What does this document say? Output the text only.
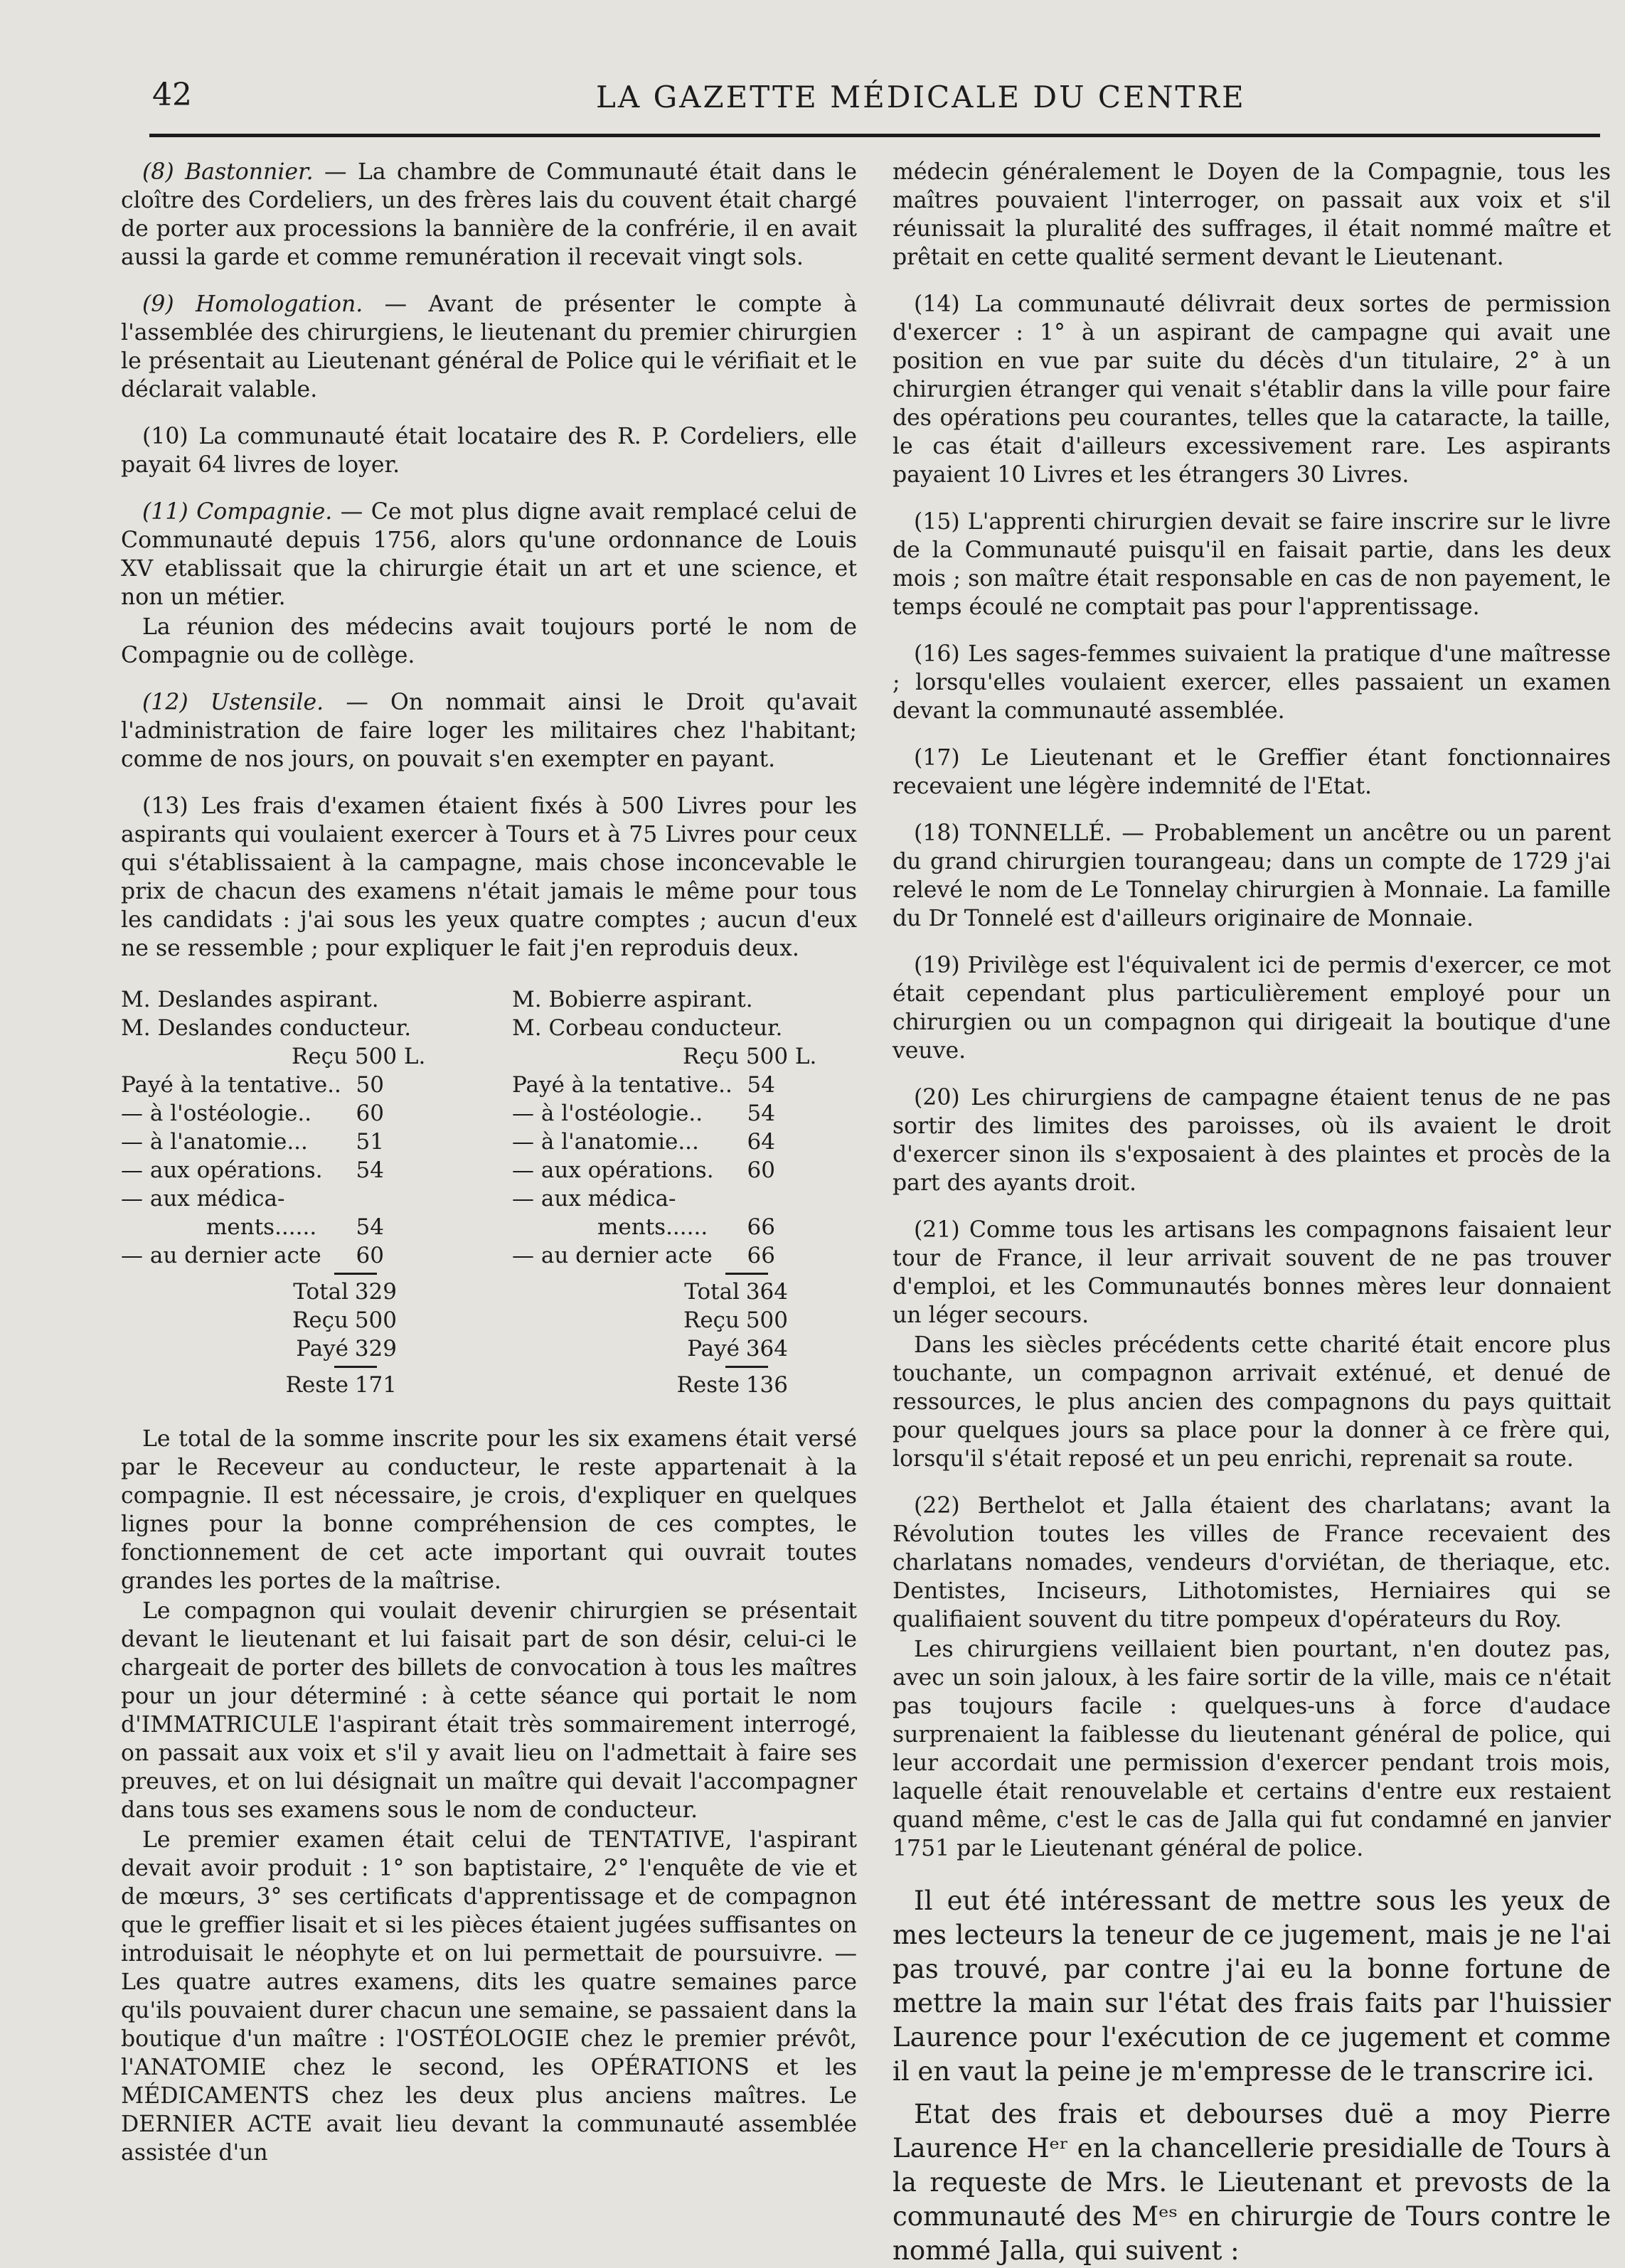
42	LA GAZETTE MÉDICALE DU CENTRE

(8) Bastonnier. — La chambre de Communauté était dans le cloître des Cordeliers, un des frères lais du couvent était chargé de porter aux processions la bannière de la confrérie, il en avait aussi la garde et comme remunération il recevait vingt sols.

(9) Homologation. — Avant de présenter le compte à l'assemblée des chirurgiens, le lieutenant du premier chirurgien le présentait au Lieutenant général de Police qui le vérifiait et le déclarait valable.

(10) La communauté était locataire des R. P. Cordeliers, elle payait 64 livres de loyer.

(11) Compagnie. — Ce mot plus digne avait remplacé celui de Communauté depuis 1756, alors qu'une ordonnance de Louis XV etablissait que la chirurgie était un art et une science, et non un métier.

La réunion des médecins avait toujours porté le nom de Compagnie ou de collège.

(12) Ustensile. — On nommait ainsi le Droit qu'avait l'administration de faire loger les militaires chez l'habitant; comme de nos jours, on pouvait s'en exempter en payant.

(13) Les frais d'examen étaient fixés à 500 Livres pour les aspirants qui voulaient exercer à Tours et à 75 Livres pour ceux qui s'établissaient à la campagne, mais chose inconcevable le prix de chacun des examens n'était jamais le même pour tous les candidats : j'ai sous les yeux quatre comptes ; aucun d'eux ne se ressemble ; pour expliquer le fait j'en reproduis deux.

M. Deslandes aspirant.
M. Deslandes conducteur.
Reçu 500 L.
Payé à la tentative.. 50
— à l'ostéologie..	60
— à l'anatomie...	51
— aux opérations.	54
— aux médica-
ments......	54
— au dernier acte	60
Total 329
Reçu 500
Payé 329
Reste 171
M. Bobierre aspirant.
M. Corbeau conducteur.
Reçu 500 L.
Payé à la tentative.. 54
— à l'ostéologie..	54
— à l'anatomie...	64
— aux opérations.	60
— aux médica-
ments......	66
— au dernier acte	66
Total 364
Reçu 500
Payé 364
Reste 136

Le total de la somme inscrite pour les six examens était versé par le Receveur au conducteur, le reste appartenait à la compagnie. Il est nécessaire, je crois, d'expliquer en quelques lignes pour la bonne compréhension de ces comptes, le fonctionnement de cet acte important qui ouvrait toutes grandes les portes de la maîtrise.

Le compagnon qui voulait devenir chirurgien se présentait devant le lieutenant et lui faisait part de son désir, celui-ci le chargeait de porter des billets de convocation à tous les maîtres pour un jour déterminé : à cette séance qui portait le nom d'IMMATRICULE l'aspirant était très sommairement interrogé, on passait aux voix et s'il y avait lieu on l'admettait à faire ses preuves, et on lui désignait un maître qui devait l'accompagner dans tous ses examens sous le nom de conducteur.

Le premier examen était celui de TENTATIVE, l'aspirant devait avoir produit : 1° son baptistaire, 2° l'enquête de vie et de mœurs, 3° ses certificats d'apprentissage et de compagnon que le greffier lisait et si les pièces étaient jugées suffisantes on introduisait le néophyte et on lui permettait de poursuivre. — Les quatre autres examens, dits les quatre semaines parce qu'ils pouvaient durer chacun une semaine, se passaient dans la boutique d'un maître : l'OSTÉOLOGIE chez le premier prévôt, l'ANATOMIE chez le second, les OPÉRATIONS et les MÉDICAMENTS chez les deux plus anciens maîtres. Le DERNIER ACTE avait lieu devant la communauté assemblée assistée d'un

médecin généralement le Doyen de la Compagnie, tous les maîtres pouvaient l'interroger, on passait aux voix et s'il réunissait la pluralité des suffrages, il était nommé maître et prêtait en cette qualité serment devant le Lieutenant.

(14) La communauté délivrait deux sortes de permission d'exercer : 1° à un aspirant de campagne qui avait une position en vue par suite du décès d'un titulaire, 2° à un chirurgien étranger qui venait s'établir dans la ville pour faire des opérations peu courantes, telles que la cataracte, la taille, le cas était d'ailleurs excessivement rare. Les aspirants payaient 10 Livres et les étrangers 30 Livres.

(15) L'apprenti chirurgien devait se faire inscrire sur le livre de la Communauté puisqu'il en faisait partie, dans les deux mois ; son maître était responsable en cas de non payement, le temps écoulé ne comptait pas pour l'apprentissage.

(16) Les sages-femmes suivaient la pratique d'une maîtresse ; lorsqu'elles voulaient exercer, elles passaient un examen devant la communauté assemblée.

(17) Le Lieutenant et le Greffier étant fonctionnaires recevaient une légère indemnité de l'Etat.

(18) TONNELLÉ. — Probablement un ancêtre ou un parent du grand chirurgien tourangeau; dans un compte de 1729 j'ai relevé le nom de Le Tonnelay chirurgien à Monnaie. La famille du Dr Tonnelé est d'ailleurs originaire de Monnaie.

(19) Privilège est l'équivalent ici de permis d'exercer, ce mot était cependant plus particulièrement employé pour un chirurgien ou un compagnon qui dirigeait la boutique d'une veuve.

(20) Les chirurgiens de campagne étaient tenus de ne pas sortir des limites des paroisses, où ils avaient le droit d'exercer sinon ils s'exposaient à des plaintes et procès de la part des ayants droit.

(21) Comme tous les artisans les compagnons faisaient leur tour de France, il leur arrivait souvent de ne pas trouver d'emploi, et les Communautés bonnes mères leur donnaient un léger secours.

Dans les siècles précédents cette charité était encore plus touchante, un compagnon arrivait exténué, et denué de ressources, le plus ancien des compagnons du pays quittait pour quelques jours sa place pour la donner à ce frère qui, lorsqu'il s'était reposé et un peu enrichi, reprenait sa route.

(22) Berthelot et Jalla étaient des charlatans; avant la Révolution toutes les villes de France recevaient des charlatans nomades, vendeurs d'orviétan, de theriaque, etc. Dentistes, Inciseurs, Lithotomistes, Herniaires qui se qualifiaient souvent du titre pompeux d'opérateurs du Roy.

Les chirurgiens veillaient bien pourtant, n'en doutez pas, avec un soin jaloux, à les faire sortir de la ville, mais ce n'était pas toujours facile : quelques-uns à force d'audace surprenaient la faiblesse du lieutenant général de police, qui leur accordait une permission d'exercer pendant trois mois, laquelle était renouvelable et certains d'entre eux restaient quand même, c'est le cas de Jalla qui fut condamné en janvier 1751 par le Lieutenant général de police.

Il eut été intéressant de mettre sous les yeux de mes lecteurs la teneur de ce jugement, mais je ne l'ai pas trouvé, par contre j'ai eu la bonne fortune de mettre la main sur l'état des frais faits par l'huissier Laurence pour l'exécution de ce jugement et comme il en vaut la peine je m'empresse de le transcrire ici.

Etat des frais et debourses duë a moy Pierre Laurence Hᵉʳ en la chancellerie presidialle de Tours à la requeste de Mrs. le Lieutenant et prevosts de la communauté des Mᵉˢ en chirurgie de Tours contre le nommé Jalla, qui suivent :
